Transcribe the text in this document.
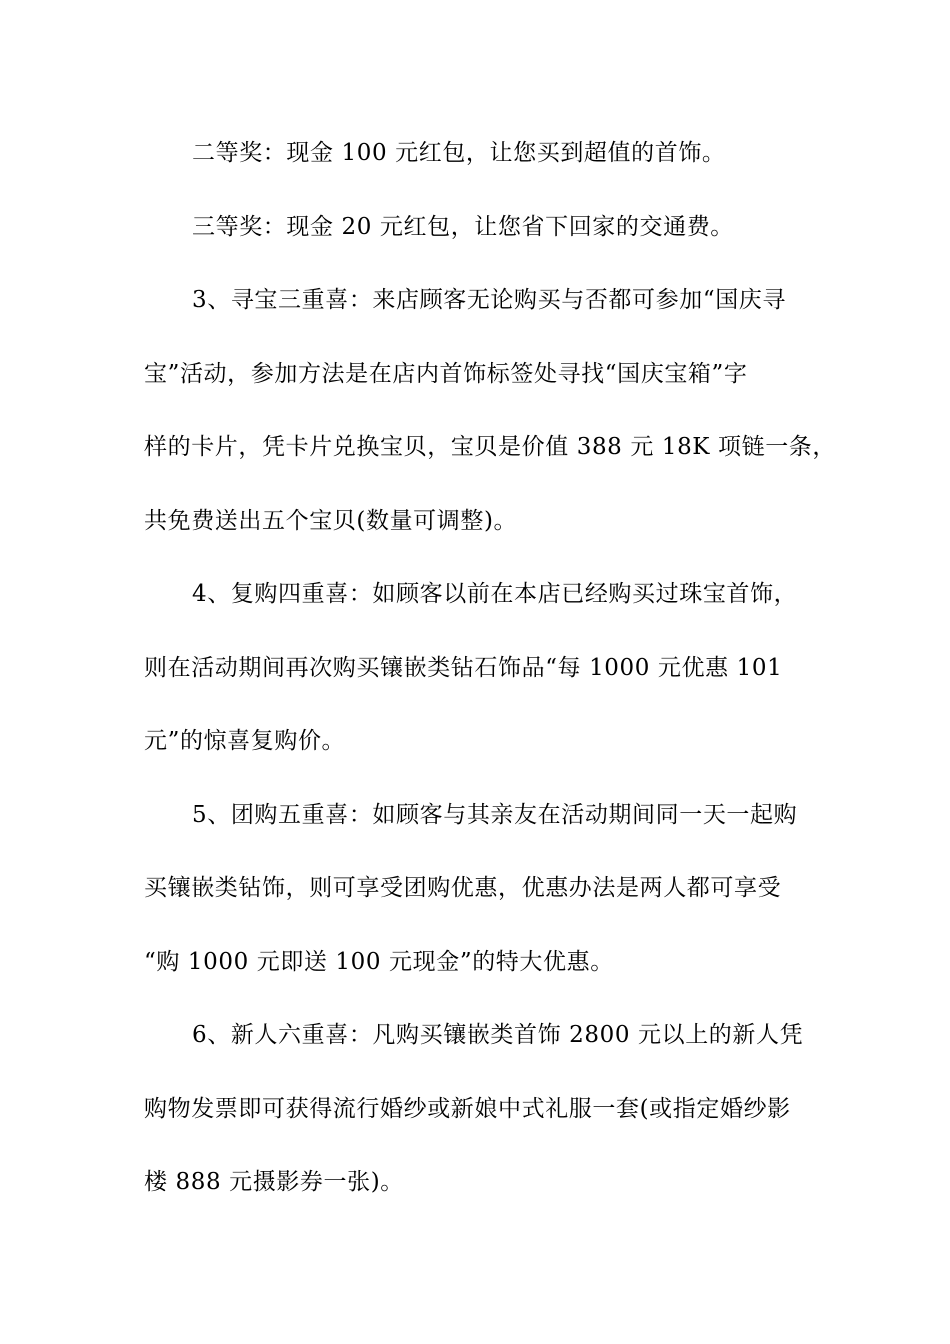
二等奖：现金 100 元红包，让您买到超值的首饰。
三等奖：现金 20 元红包，让您省下回家的交通费。
3、寻宝三重喜：来店顾客无论购买与否都可参加“国庆寻
宝”活动，参加方法是在店内首饰标签处寻找“国庆宝箱”字
样的卡片，凭卡片兑换宝贝，宝贝是价值 388 元 18K 项链一条，
共免费送出五个宝贝(数量可调整)。
4、复购四重喜：如顾客以前在本店已经购买过珠宝首饰，
则在活动期间再次购买镶嵌类钻石饰品“每 1000 元优惠 101
元”的惊喜复购价。
5、团购五重喜：如顾客与其亲友在活动期间同一天一起购
买镶嵌类钻饰，则可享受团购优惠，优惠办法是两人都可享受
“购 1000 元即送 100 元现金”的特大优惠。
6、新人六重喜：凡购买镶嵌类首饰 2800 元以上的新人凭
购物发票即可获得流行婚纱或新娘中式礼服一套(或指定婚纱影
楼 888 元摄影券一张)。
